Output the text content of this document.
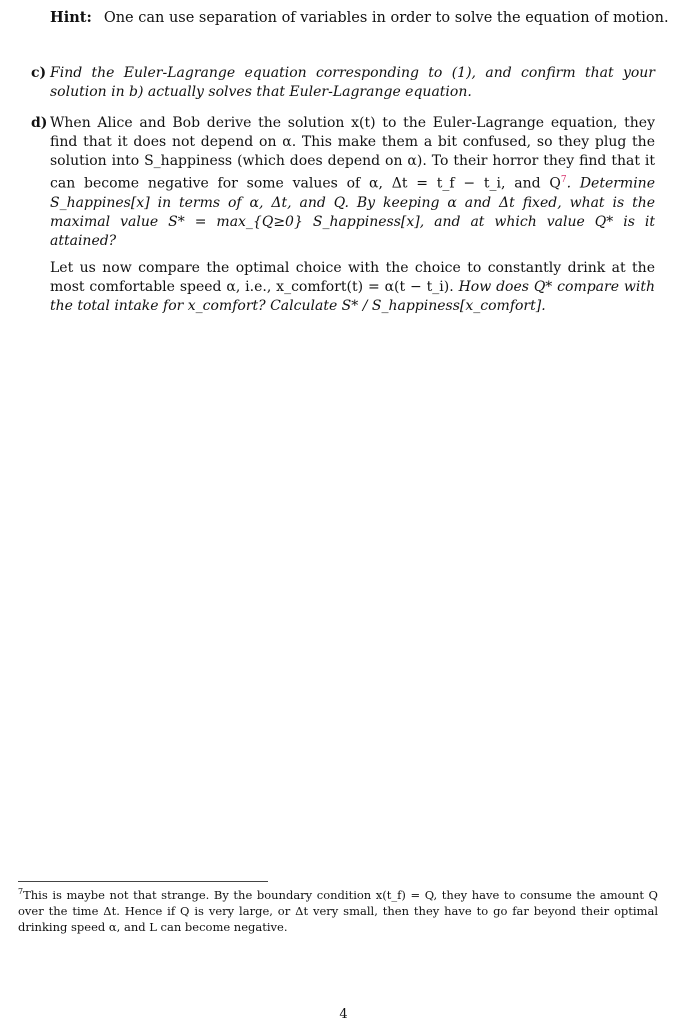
Hint: One can use separation of variables in order to solve the equation of motion.
c) Find the Euler-Lagrange equation corresponding to (1), and confirm that your solution in b) actually solves that Euler-Lagrange equation.
d) When Alice and Bob derive the solution x(t) to the Euler-Lagrange equation, they find that it does not depend on α. This make them a bit confused, so they plug the solution into S_happiness (which does depend on α). To their horror they find that it can become negative for some values of α, Δt = t_f − t_i, and Q$^7$. Determine S_happines[x] in terms of α, Δt, and Q. By keeping α and Δt fixed, what is the maximal value S* = max_{Q≥0} S_happiness[x], and at which value Q* is it attained?
Let us now compare the optimal choice with the choice to constantly drink at the most comfortable speed α, i.e., x_comfort(t) = α(t − t_i). How does Q* compare with the total intake for x_comfort? Calculate S* / S_happiness[x_comfort].
$^7$This is maybe not that strange. By the boundary condition x(t_f) = Q, they have to consume the amount Q over the time Δt. Hence if Q is very large, or Δt very small, then they have to go far beyond their optimal drinking speed α, and L can become negative.
4
